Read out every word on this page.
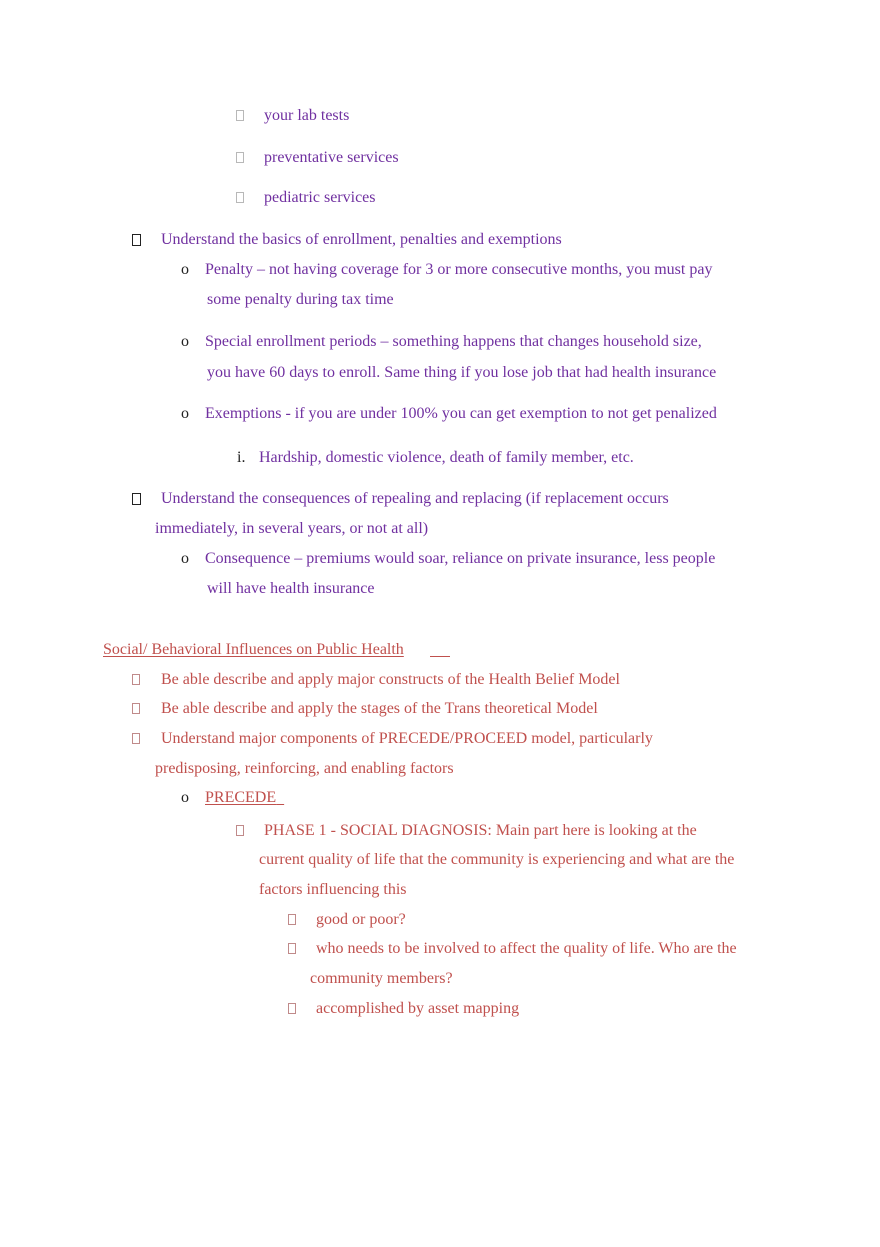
your lab tests
preventative services
pediatric services
Understand the basics of enrollment, penalties and exemptions
o Penalty – not having coverage for 3 or more consecutive months, you must pay
some penalty during tax time
o Special enrollment periods – something happens that changes household size,
you have 60 days to enroll. Same thing if you lose job that had health insurance
o Exemptions - if you are under 100% you can get exemption to not get penalized
i. Hardship, domestic violence, death of family member, etc.
Understand the consequences of repealing and replacing (if replacement occurs
immediately, in several years, or not at all)
o Consequence – premiums would soar, reliance on private insurance, less people
will have health insurance
Social/ Behavioral Influences on Public Health
Be able describe and apply major constructs of the Health Belief Model
Be able describe and apply the stages of the Trans theoretical Model
Understand major components of PRECEDE/PROCEED model, particularly
predisposing, reinforcing, and enabling factors
o PRECEDE
PHASE 1 - SOCIAL DIAGNOSIS: Main part here is looking at the
current quality of life that the community is experiencing and what are the
factors influencing this
good or poor?
who needs to be involved to affect the quality of life. Who are the
community members?
accomplished by asset mapping
